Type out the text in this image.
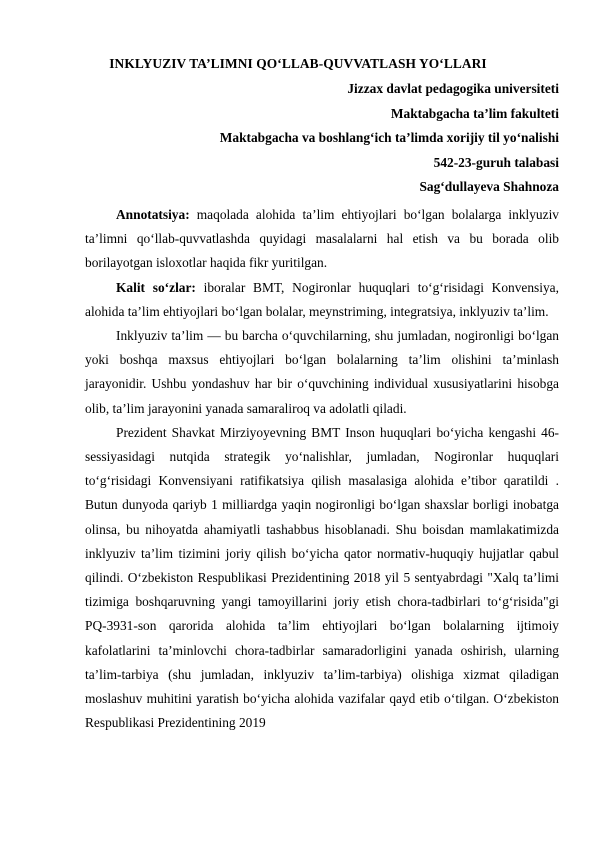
INKLYUZIV TA’LIMNI QO‘LLAB-QUVVATLASH YO‘LLARI
Jizzax davlat pedagogika universiteti
Maktabgacha ta’lim fakulteti
Maktabgacha va boshlang‘ich ta’limda xorijiy til yo‘nalishi
542-23-guruh talabasi
Sag‘dullayeva Shahnoza

Annotatsiya: maqolada alohida ta’lim ehtiyojlari bo‘lgan bolalarga inklyuziv ta’limni qo‘llab-quvvatlashda quyidagi masalalarni hal etish va bu borada olib borilayotgan isloxotlar haqida fikr yuritilgan.

Kalit so‘zlar: iboralar BMT, Nogironlar huquqlari to‘g‘risidagi Konvensiya, alohida ta’lim ehtiyojlari bo‘lgan bolalar, meynstriming, integratsiya, inklyuziv ta’lim.

Inklyuziv ta’lim — bu barcha o‘quvchilarning, shu jumladan, nogironligi bo‘lgan yoki boshqa maxsus ehtiyojlari bo‘lgan bolalarning ta’lim olishini ta’minlash jarayonidir. Ushbu yondashuv har bir o‘quvchining individual xususiyatlarini hisobga olib, ta’lim jarayonini yanada samaraliroq va adolatli qiladi.

Prezident Shavkat Mirziyoyevning BMT Inson huquqlari bo‘yicha kengashi 46- sessiyasidagi nutqida strategik yo‘nalishlar, jumladan, Nogironlar huquqlari to‘g‘risidagi Konvensiyani ratifikatsiya qilish masalasiga alohida e’tibor qaratildi . Butun dunyoda qariyb 1 milliardga yaqin nogironligi bo‘lgan shaxslar borligi inobatga olinsa, bu nihoyatda ahamiyatli tashabbus hisoblanadi. Shu boisdan mamlakatimizda inklyuziv ta’lim tizimini joriy qilish bo‘yicha qator normativ-huquqiy hujjatlar qabul qilindi. O‘zbekiston Respublikasi Prezidentining 2018 yil 5 sentyabrdagi "Xalq ta’limi tizimiga boshqaruvning yangi tamoyillarini joriy etish chora-tadbirlari to‘g‘risida"gi PQ-3931-son qarorida alohida ta’lim ehtiyojlari bo‘lgan bolalarning ijtimoiy kafolatlarini ta’minlovchi chora-tadbirlar samaradorligini yanada oshirish, ularning ta’lim-tarbiya (shu jumladan, inklyuziv ta’lim-tarbiya) olishiga xizmat qiladigan moslashuv muhitini yaratish bo‘yicha alohida vazifalar qayd etib o‘tilgan. O‘zbekiston Respublikasi Prezidentining 2019
